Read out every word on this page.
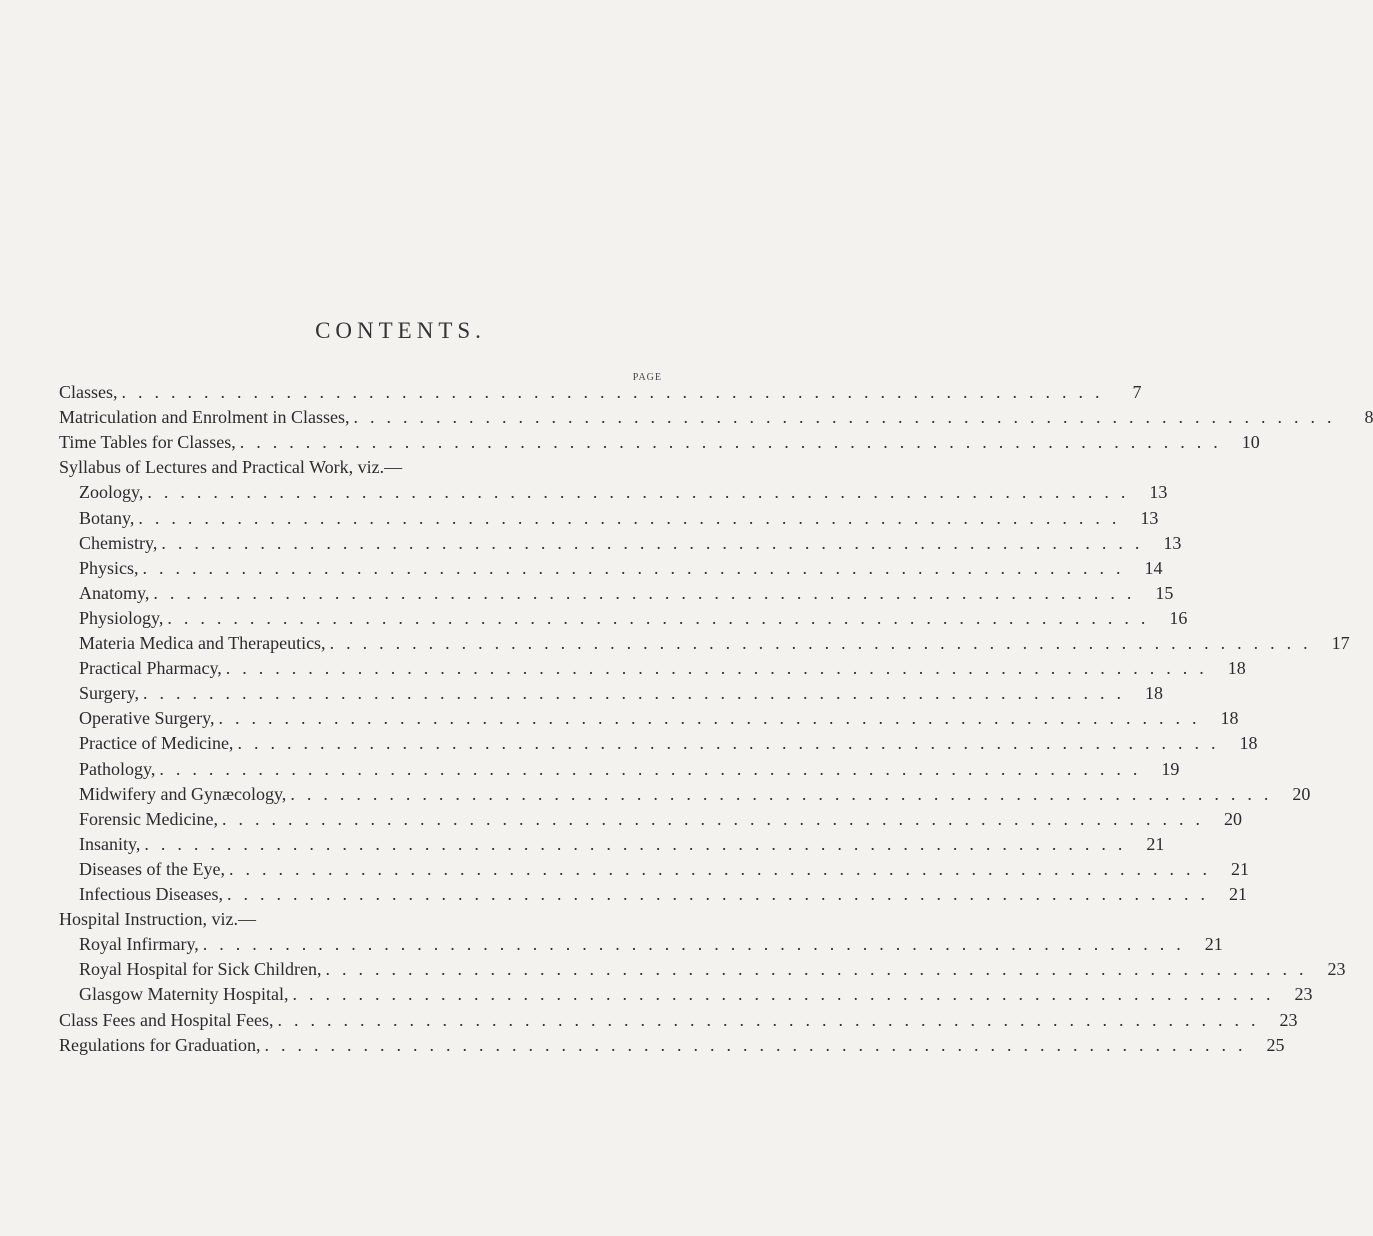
CONTENTS.
PAGE
Classes, ............................................................	7
Matriculation and Enrolment in Classes, ............................................................	8
Time Tables for Classes, ............................................................ 10
Syllabus of Lectures and Practical Work, viz.—
Zoology, ............................................................ 13
Botany, ............................................................ 13
Chemistry, ............................................................ 13
Physics, ............................................................ 14
Anatomy, ............................................................ 15
Physiology, ............................................................ 16
Materia Medica and Therapeutics, ............................................................ 17
Practical Pharmacy, ............................................................ 18
Surgery, ............................................................ 18
Operative Surgery, ............................................................ 18
Practice of Medicine, ............................................................ 18
Pathology, ............................................................ 19
Midwifery and Gynæcology, ............................................................ 20
Forensic Medicine, ............................................................ 20
Insanity, ............................................................ 21
Diseases of the Eye, ............................................................ 21
Infectious Diseases, ............................................................ 21
Hospital Instruction, viz.—
Royal Infirmary, ............................................................ 21
Royal Hospital for Sick Children, ............................................................ 23
Glasgow Maternity Hospital, ............................................................ 23
Class Fees and Hospital Fees, ............................................................ 23
Regulations for Graduation, ............................................................ 25
